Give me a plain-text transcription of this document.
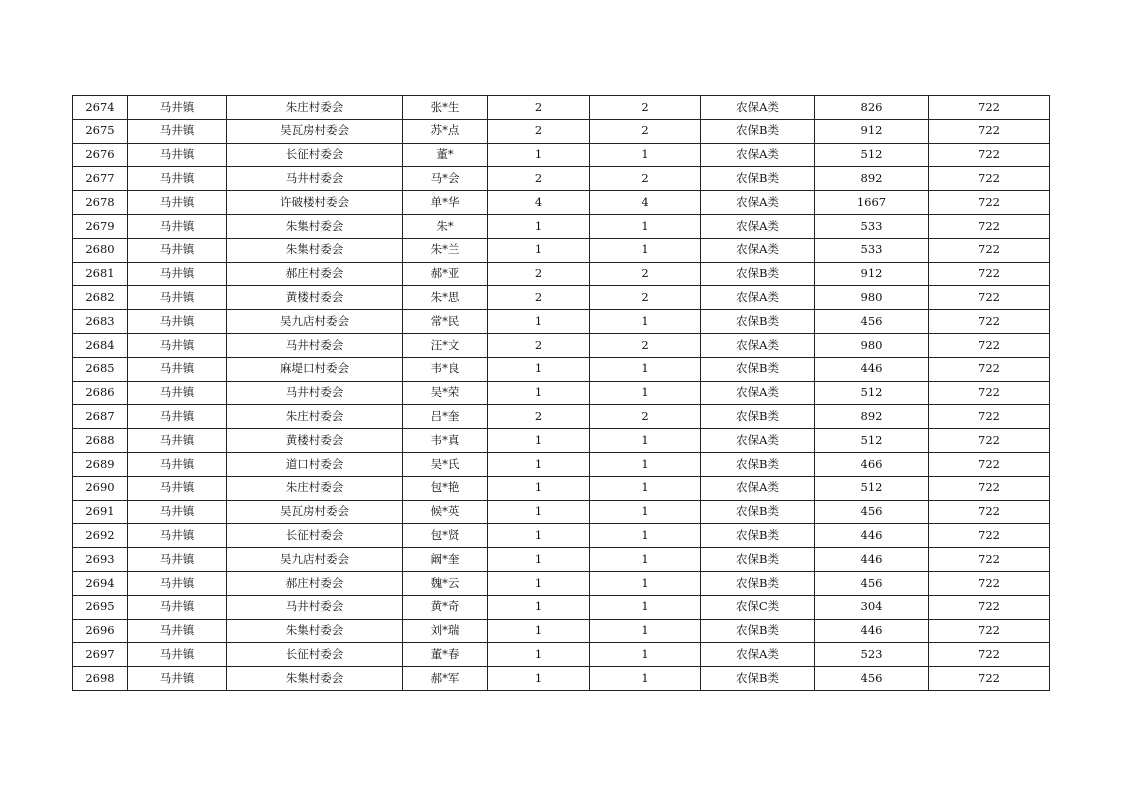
2674	马井镇	朱庄村委会	张*生	2	2	农保A类	826	722
2675	马井镇	吴瓦房村委会	苏*点	2	2	农保B类	912	722
2676	马井镇	长征村委会	董*	1	1	农保A类	512	722
2677	马井镇	马井村委会	马*会	2	2	农保B类	892	722
2678	马井镇	许破楼村委会	单*华	4	4	农保A类	1667	722
2679	马井镇	朱集村委会	朱*	1	1	农保A类	533	722
2680	马井镇	朱集村委会	朱*兰	1	1	农保A类	533	722
2681	马井镇	郝庄村委会	郝*亚	2	2	农保B类	912	722
2682	马井镇	黄楼村委会	朱*思	2	2	农保A类	980	722
2683	马井镇	吴九店村委会	常*民	1	1	农保B类	456	722
2684	马井镇	马井村委会	汪*文	2	2	农保A类	980	722
2685	马井镇	麻堤口村委会	韦*良	1	1	农保B类	446	722
2686	马井镇	马井村委会	吴*荣	1	1	农保A类	512	722
2687	马井镇	朱庄村委会	吕*奎	2	2	农保B类	892	722
2688	马井镇	黄楼村委会	韦*真	1	1	农保A类	512	722
2689	马井镇	道口村委会	吴*氏	1	1	农保B类	466	722
2690	马井镇	朱庄村委会	包*艳	1	1	农保A类	512	722
2691	马井镇	吴瓦房村委会	候*英	1	1	农保B类	456	722
2692	马井镇	长征村委会	包*贤	1	1	农保B类	446	722
2693	马井镇	吴九店村委会	阚*奎	1	1	农保B类	446	722
2694	马井镇	郝庄村委会	魏*云	1	1	农保B类	456	722
2695	马井镇	马井村委会	黄*奇	1	1	农保C类	304	722
2696	马井镇	朱集村委会	刘*瑞	1	1	农保B类	446	722
2697	马井镇	长征村委会	董*春	1	1	农保A类	523	722
2698	马井镇	朱集村委会	郝*军	1	1	农保B类	456	722
